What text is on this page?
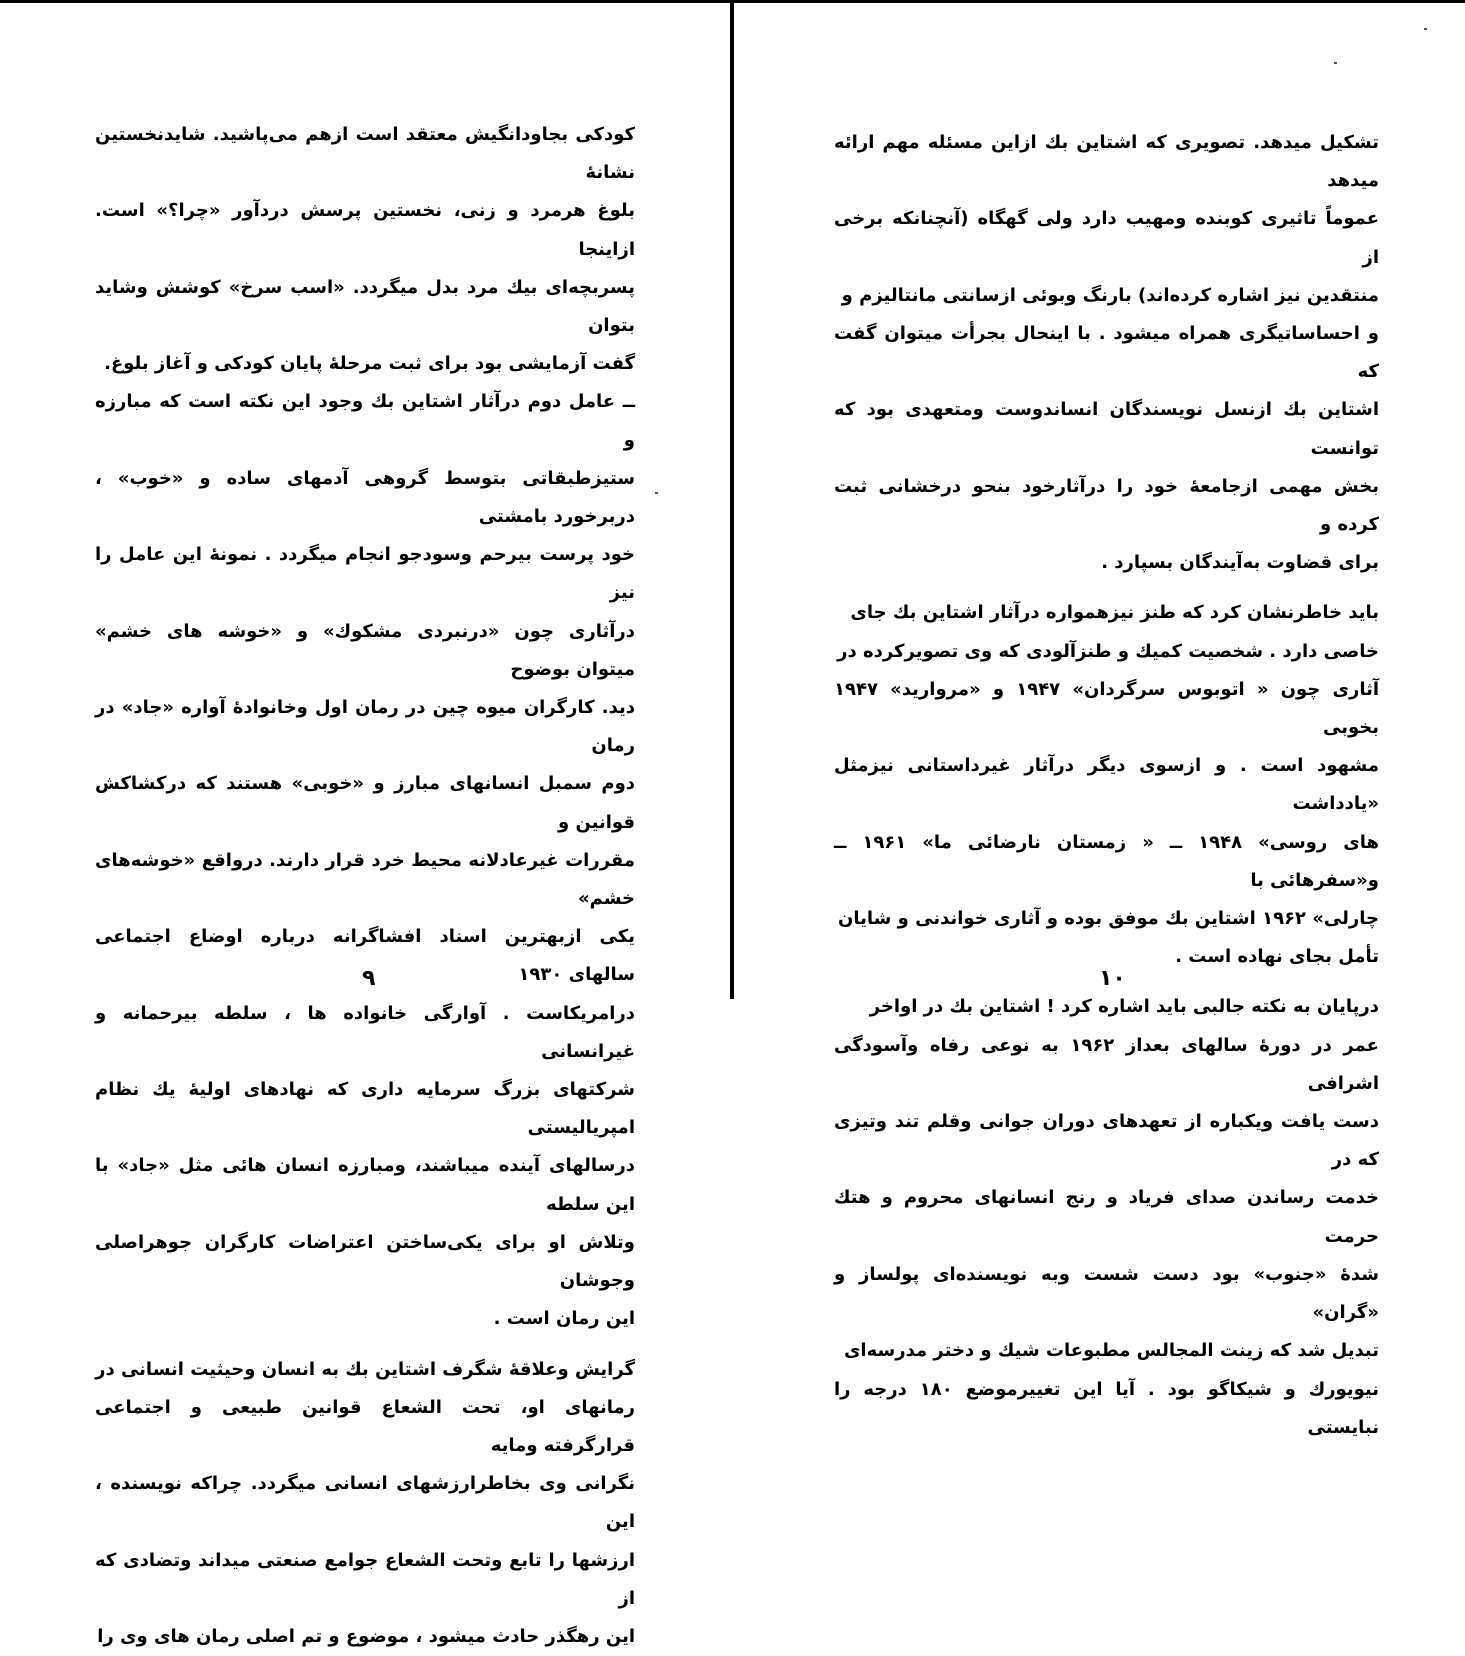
کودکی بجاودانگیش معتقد است ازهم می‌پاشید. شایدنخستین نشانهٔ
بلوغ هرمرد و زنی، نخستین پرسش دردآور «چرا؟» است. ازاینجا
پسربچه‌ای بیك مرد بدل میگردد. «اسب سرخ» کوشش وشاید بتوان
گفت آزمایشی بود برای ثبت مرحلهٔ پایان کودکی و آغاز بلوغ.
ــ عامل دوم درآثار اشتاین بك وجود این نکته است که مبارزه و
ستیزطبقاتی بتوسط گروهی آدمهای ساده و «خوب» ، دربرخورد بامشتی
خود پرست بیرحم وسودجو انجام میگردد . نمونهٔ این عامل را نیز
درآثاری چون «درنبردی مشکوك» و «خوشه های خشم» میتوان بوضوح
دید. کارگران میوه چین در رمان اول وخانوادهٔ آواره «جاد» در رمان
دوم سمبل انسانهای مبارز و «خوبی» هستند که درکشاکش قوانین و
مقررات غیرعادلانه محیط خرد قرار دارند. درواقع «خوشه‌های خشم»
یکی ازبهترین اسناد افشاگرانه درباره اوضاع اجتماعی سالهای ۱۹۳۰
درامریکاست . آوارگی خانواده ها ، سلطه بیرحمانه و غیرانسانی
شرکتهای بزرگ سرمایه داری که نهادهای اولیهٔ یك نظام امپریالیستی
درسالهای آینده میباشند، ومبارزه انسان هائی مثل «جاد» با این سلطه
وتلاش او برای یکی‌ساختن اعتراضات کارگران جوهراصلی وجوشان
این رمان است .
گرایش وعلاقهٔ شگرف اشتاین بك به انسان وحیثیت انسانی در
رمانهای او، تحت الشعاع قوانین طبیعی و اجتماعی قرارگرفته ومایه
نگرانی وی بخاطرارزشهای انسانی میگردد. چراکه نویسنده ، این
ارزشها را تابع وتحت الشعاع جوامع صنعتی میداند وتضادی که از
این رهگذر حادث میشود ، موضوع و تم اصلی رمان های وی را
۹
تشکیل میدهد. تصویری که اشتاین بك ازاین مسئله مهم ارائه میدهد
عموماً تاثیری کوبنده ومهیب دارد ولی گهگاه (آنچنانکه برخی از
منتقدین نیز اشاره کرده‌اند) بارنگ وبوئی ازسانتی مانتالیزم و
و احساساتیگری همراه میشود . با اینحال بجرأت میتوان گفت که
اشتاین بك ازنسل نویسندگان انساندوست ومتعهدی بود که توانست
بخش مهمی ازجامعهٔ خود را درآثارخود بنحو درخشانی ثبت کرده و
برای قضاوت به‌آیندگان بسپارد .
باید خاطرنشان کرد که طنز نیزهمواره درآثار اشتاین بك جای
خاصی دارد . شخصیت کمیك و طنزآلودی که وی تصویرکرده در
آثاری چون « اتوبوس سرگردان» ۱۹۴۷ و «مروارید» ۱۹۴۷ بخوبی
مشهود است . و ازسوی دیگر درآثار غیرداستانی نیزمثل «یادداشت
های روسی» ۱۹۴۸ ــ « زمستان نارضائی ما» ۱۹۶۱ ــ و«سفرهائی با
چارلی» ۱۹۶۲ اشتاین بك موفق بوده و آثاری خواندنی و شایان
تأمل بجای نهاده است .
درپایان به نکته جالبی باید اشاره کرد ! اشتاین بك در اواخر
عمر در دورهٔ سالهای بعداز ۱۹۶۲ به نوعی رفاه وآسودگی اشرافی
دست یافت ویکباره از تعهدهای دوران جوانی وقلم تند وتیزی که در
خدمت رساندن صدای فریاد و رنج انسانهای محروم و هتك حرمت
شدهٔ «جنوب» بود دست شست وبه نویسنده‌ای پولساز و «گران»
تبدیل شد که زینت المجالس مطبوعات شیك و دختر مدرسه‌ای
نیویورك و شیکاگو بود . آیا این تغییرموضع ۱۸۰ درجه را نبایستی
۱۰
